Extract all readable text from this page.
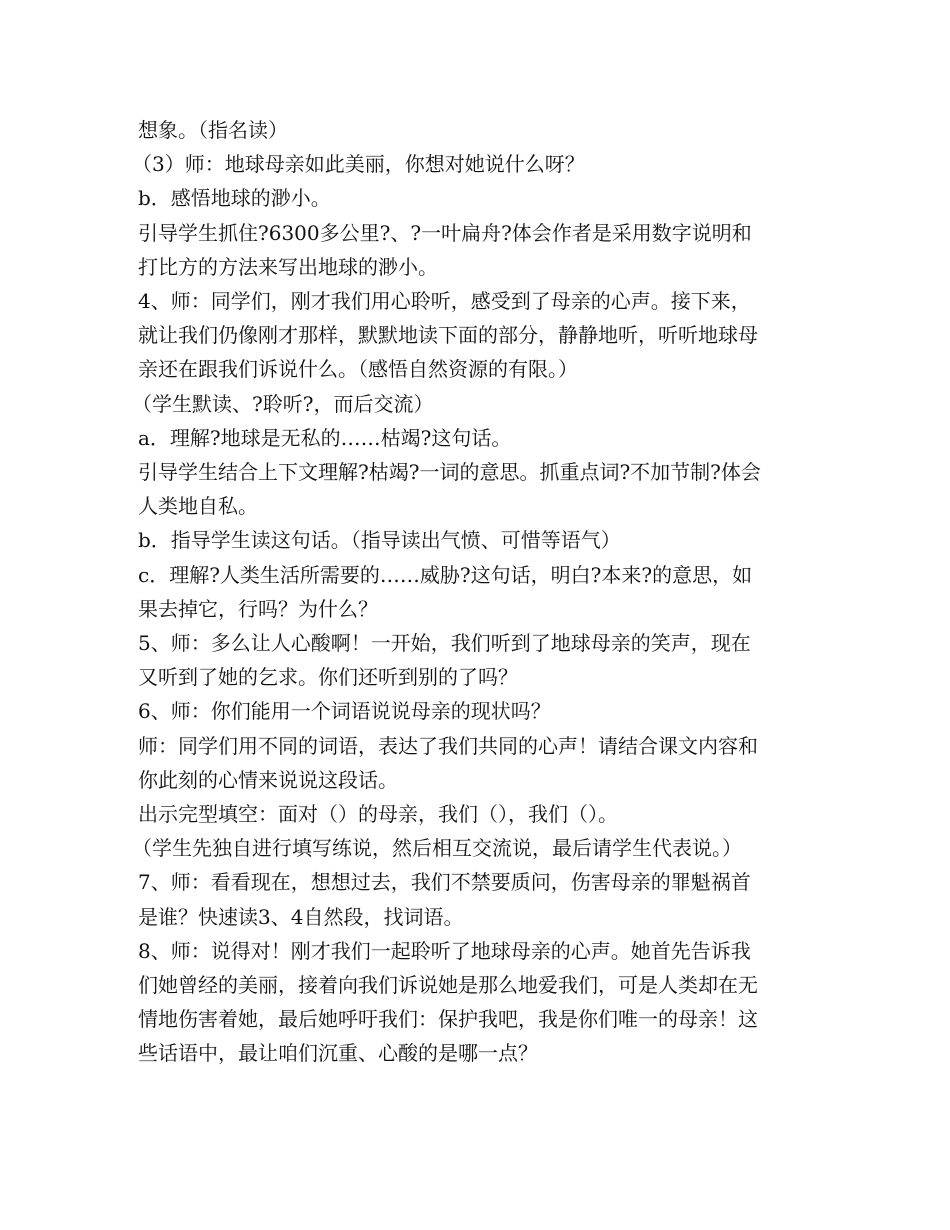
想象。（指名读）

（3）师：地球母亲如此美丽，你想对她说什么呀？

b．感悟地球的渺小。

引导学生抓住?6300多公里?、?一叶扁舟?体会作者是采用数字说明和

打比方的方法来写出地球的渺小。

4、师：同学们，刚才我们用心聆听，感受到了母亲的心声。接下来，

就让我们仍像刚才那样，默默地读下面的部分，静静地听，听听地球母

亲还在跟我们诉说什么。（感悟自然资源的有限。）

（学生默读、?聆听?，而后交流）

a．理解?地球是无私的……枯竭?这句话。

引导学生结合上下文理解?枯竭?一词的意思。抓重点词?不加节制?体会

人类地自私。

b．指导学生读这句话。（指导读出气愤、可惜等语气）

c．理解?人类生活所需要的……威胁?这句话，明白?本来?的意思，如

果去掉它，行吗？为什么？

5、师：多么让人心酸啊！一开始，我们听到了地球母亲的笑声，现在

又听到了她的乞求。你们还听到别的了吗？

6、师：你们能用一个词语说说母亲的现状吗？

师：同学们用不同的词语，表达了我们共同的心声！请结合课文内容和

你此刻的心情来说说这段话。

出示完型填空：面对（）的母亲，我们（），我们（）。

（学生先独自进行填写练说，然后相互交流说，最后请学生代表说。）

7、师：看看现在，想想过去，我们不禁要质问，伤害母亲的罪魁祸首

是谁？快速读3、4自然段，找词语。

8、师：说得对！刚才我们一起聆听了地球母亲的心声。她首先告诉我

们她曾经的美丽，接着向我们诉说她是那么地爱我们，可是人类却在无

情地伤害着她，最后她呼吁我们：保护我吧，我是你们唯一的母亲！这

些话语中，最让咱们沉重、心酸的是哪一点？
